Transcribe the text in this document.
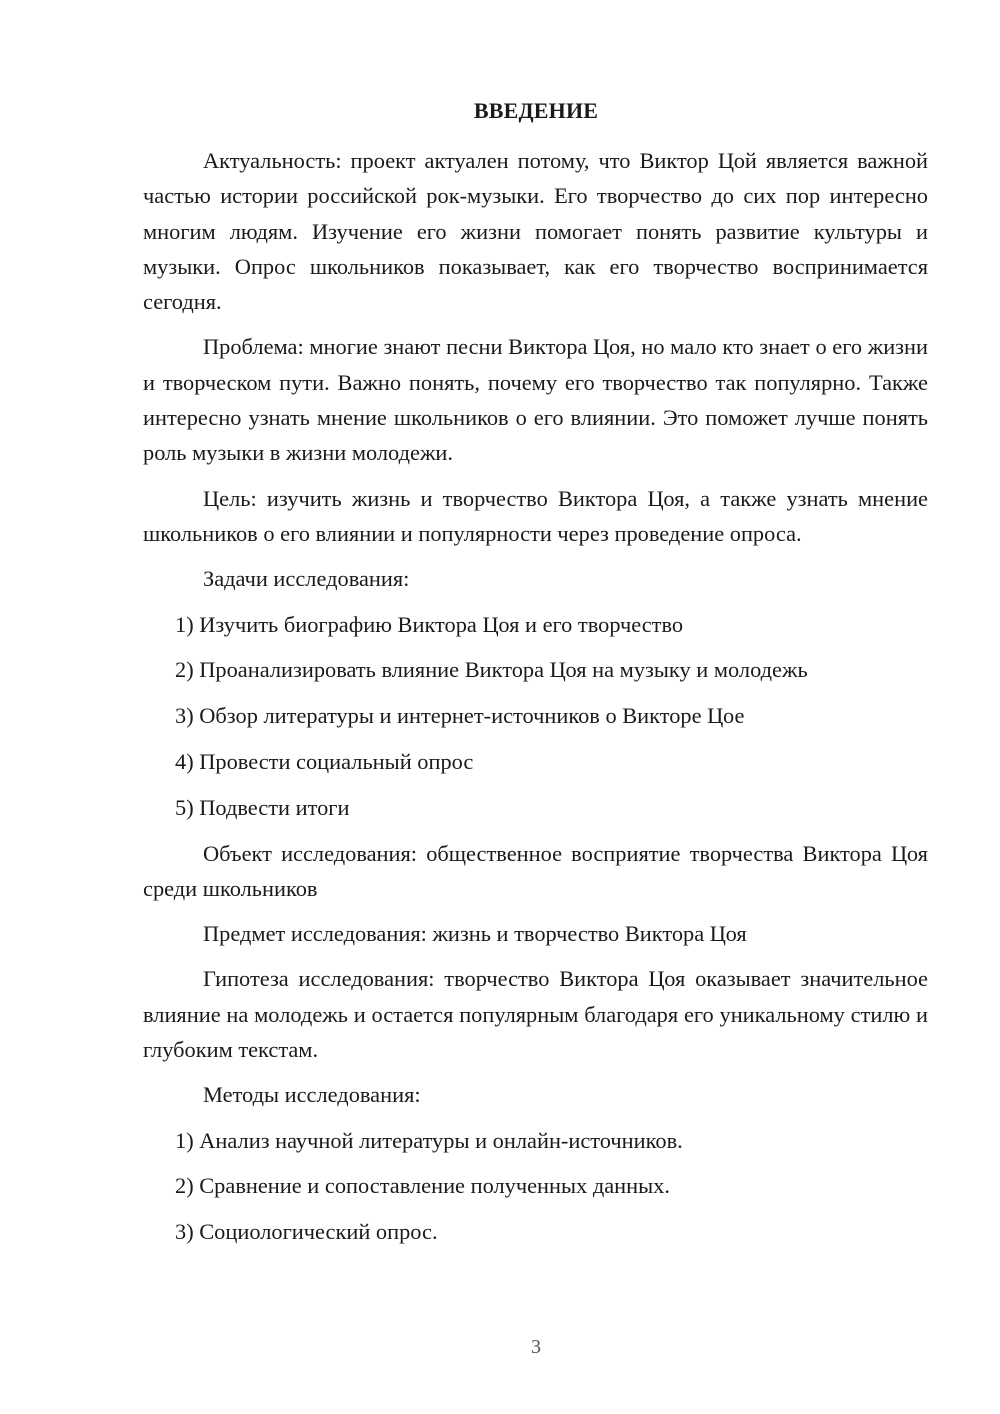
ВВЕДЕНИЕ

Актуальность: проект актуален потому, что Виктор Цой является важной частью истории российской рок-музыки. Его творчество до сих пор интересно многим людям. Изучение его жизни помогает понять развитие культуры и музыки. Опрос школьников показывает, как его творчество воспринимается сегодня.

Проблема: многие знают песни Виктора Цоя, но мало кто знает о его жизни и творческом пути. Важно понять, почему его творчество так популярно. Также интересно узнать мнение школьников о его влиянии. Это поможет лучше понять роль музыки в жизни молодежи.

Цель: изучить жизнь и творчество Виктора Цоя, а также узнать мнение школьников о его влиянии и популярности через проведение опроса.

Задачи исследования:

1) Изучить биографию Виктора Цоя и его творчество

2) Проанализировать влияние Виктора Цоя на музыку и молодежь

3) Обзор литературы и интернет-источников о Викторе Цое

4) Провести социальный опрос

5) Подвести итоги

Объект исследования: общественное восприятие творчества Виктора Цоя среди школьников

Предмет исследования: жизнь и творчество Виктора Цоя

Гипотеза исследования: творчество Виктора Цоя оказывает значительное влияние на молодежь и остается популярным благодаря его уникальному стилю и глубоким текстам.

Методы исследования:

1) Анализ научной литературы и онлайн-источников.

2) Сравнение и сопоставление полученных данных.

3) Социологический опрос.

3
